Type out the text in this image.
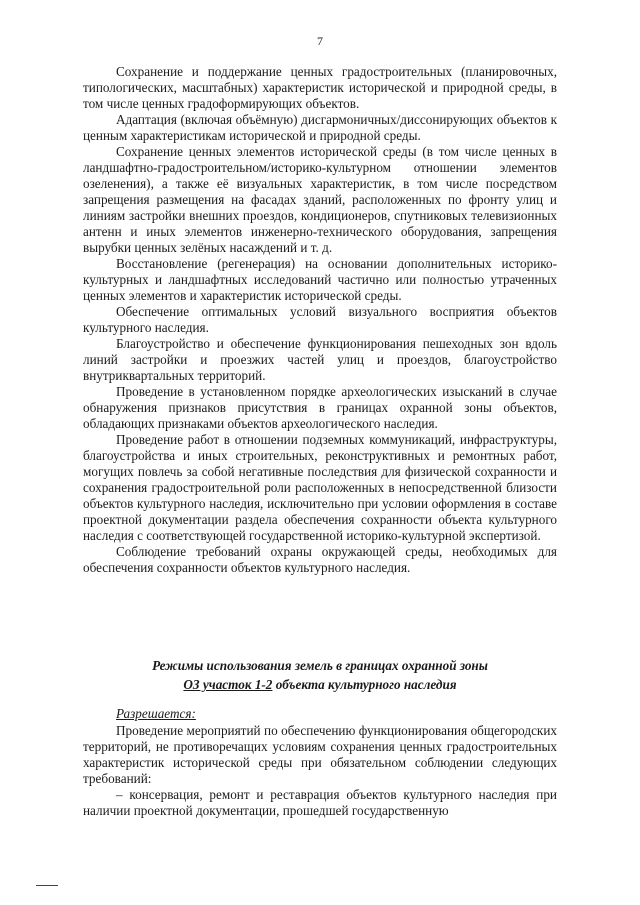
7

Сохранение и поддержание ценных градостроительных (планировочных, типологических, масштабных) характеристик исторической и природной среды, в том числе ценных градоформирующих объектов.

Адаптация (включая объёмную) дисгармоничных/диссонирующих объектов к ценным характеристикам исторической и природной среды.

Сохранение ценных элементов исторической среды (в том числе ценных в ландшафтно-градостроительном/историко-культурном отношении элементов озеленения), а также её визуальных характеристик, в том числе посредством запрещения размещения на фасадах зданий, расположенных по фронту улиц и линиям застройки внешних проездов, кондиционеров, спутниковых телевизионных антенн и иных элементов инженерно-технического оборудования, запрещения вырубки ценных зелёных насаждений и т. д.

Восстановление (регенерация) на основании дополнительных историко-культурных и ландшафтных исследований частично или полностью утраченных ценных элементов и характеристик исторической среды.

Обеспечение оптимальных условий визуального восприятия объектов культурного наследия.

Благоустройство и обеспечение функционирования пешеходных зон вдоль линий застройки и проезжих частей улиц и проездов, благоустройство внутриквартальных территорий.

Проведение в установленном порядке археологических изысканий в случае обнаружения признаков присутствия в границах охранной зоны объектов, обладающих признаками объектов археологического наследия.

Проведение работ в отношении подземных коммуникаций, инфраструктуры, благоустройства и иных строительных, реконструктивных и ремонтных работ, могущих повлечь за собой негативные последствия для физической сохранности и сохранения градостроительной роли расположенных в непосредственной близости объектов культурного наследия, исключительно при условии оформления в составе проектной документации раздела обеспечения сохранности объекта культурного наследия с соответствующей государственной историко-культурной экспертизой.

Соблюдение требований охраны окружающей среды, необходимых для обеспечения сохранности объектов культурного наследия.

Режимы использования земель в границах охранной зоны
ОЗ участок 1-2 объекта культурного наследия
Разрешается:

Проведение мероприятий по обеспечению функционирования общегородских территорий, не противоречащих условиям сохранения ценных градостроительных характеристик исторической среды при обязательном соблюдении следующих требований:

– консервация, ремонт и реставрация объектов культурного наследия при наличии проектной документации, прошедшей государственную
